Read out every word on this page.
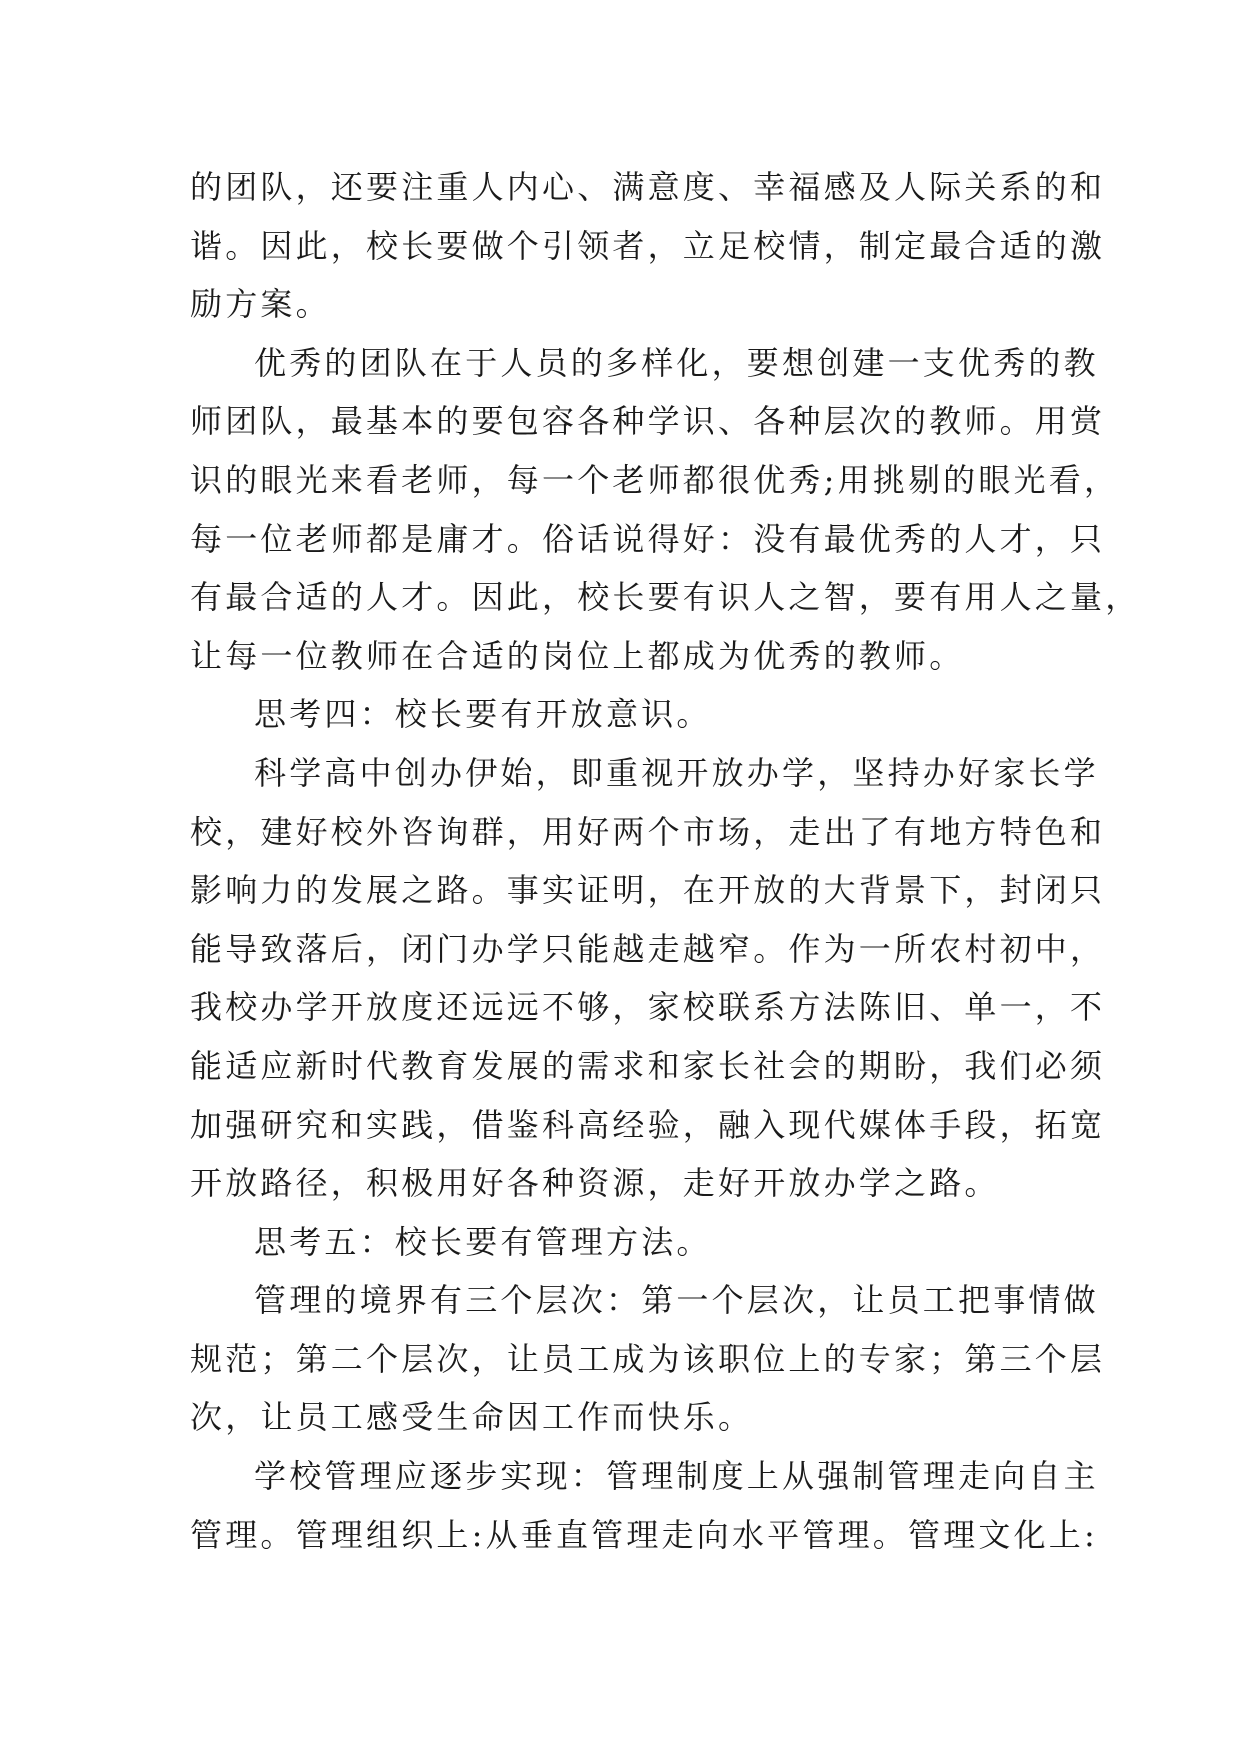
的团队，还要注重人内心、满意度、幸福感及人际关系的和
谐。因此，校长要做个引领者，立足校情，制定最合适的激
励方案。
优秀的团队在于人员的多样化，要想创建一支优秀的教
师团队，最基本的要包容各种学识、各种层次的教师。用赏
识的眼光来看老师，每一个老师都很优秀;用挑剔的眼光看，
每一位老师都是庸才。俗话说得好：没有最优秀的人才，只
有最合适的人才。因此，校长要有识人之智，要有用人之量，
让每一位教师在合适的岗位上都成为优秀的教师。
思考四：校长要有开放意识。
科学高中创办伊始，即重视开放办学，坚持办好家长学
校，建好校外咨询群，用好两个市场，走出了有地方特色和
影响力的发展之路。事实证明，在开放的大背景下，封闭只
能导致落后，闭门办学只能越走越窄。作为一所农村初中，
我校办学开放度还远远不够，家校联系方法陈旧、单一，不
能适应新时代教育发展的需求和家长社会的期盼，我们必须
加强研究和实践，借鉴科高经验，融入现代媒体手段，拓宽
开放路径，积极用好各种资源，走好开放办学之路。
思考五：校长要有管理方法。
管理的境界有三个层次：第一个层次，让员工把事情做
规范；第二个层次，让员工成为该职位上的专家；第三个层
次，让员工感受生命因工作而快乐。
学校管理应逐步实现：管理制度上从强制管理走向自主
管理。管理组织上:从垂直管理走向水平管理。管理文化上:
